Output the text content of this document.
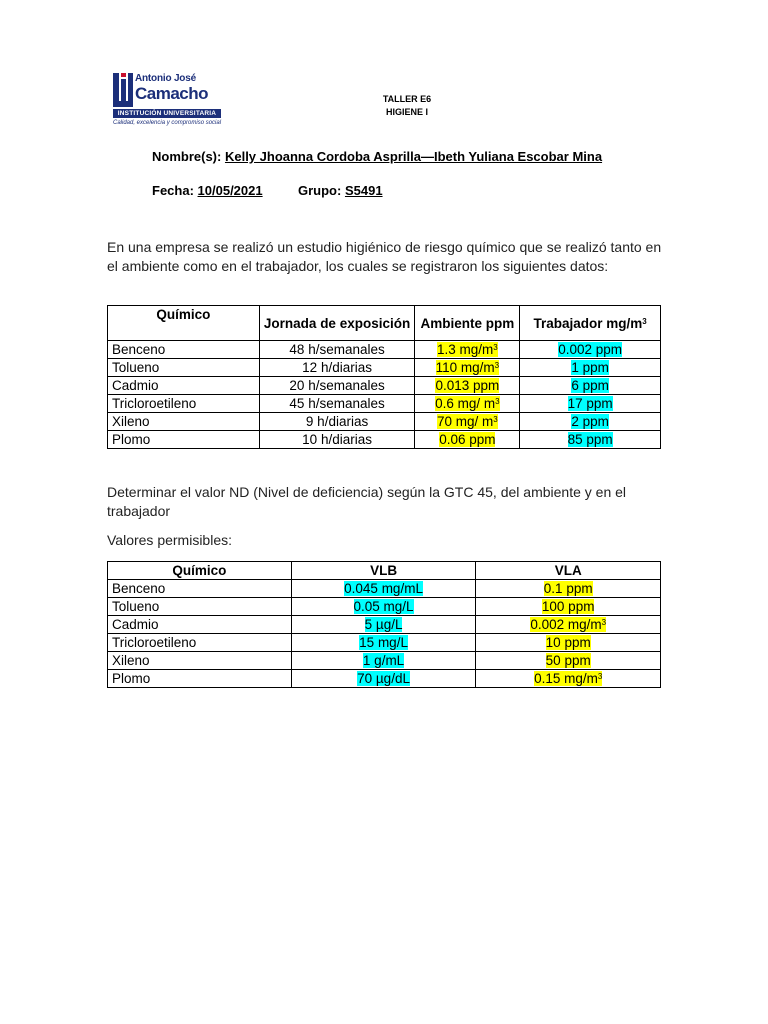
Antonio José
Camacho
INSTITUCIÓN UNIVERSITARIA
Calidad, excelencia y compromiso social
TALLER E6
HIGIENE I
Nombre(s): Kelly Jhoanna Cordoba Asprilla—Ibeth Yuliana Escobar Mina
Fecha: 10/05/2021	Grupo: S5491
En una empresa se realizó un estudio higiénico de riesgo químico que se realizó tanto en el ambiente como en el trabajador, los cuales se registraron los siguientes datos:
Químico	Jornada de exposición	Ambiente ppm	Trabajador $mg/m^3$
Benceno	48 h/semanales	1.3 $mg/m^3$	0.002 ppm
Tolueno	12 h/diarias	110 $mg/m^3$	1 ppm
Cadmio	20 h/semanales	0.013 ppm	6 ppm
Tricloroetileno	45 h/semanales	0.6 mg/ $m^3$	17 ppm
Xileno	9 h/diarias	70 mg/ $m^3$	2 ppm
Plomo	10 h/diarias	0.06 ppm	85 ppm
Determinar el valor ND (Nivel de deficiencia) según la GTC 45, del ambiente y en el trabajador
Valores permisibles:
Químico	VLB	VLA
Benceno	0.045 mg/mL	0.1 ppm
Tolueno	0.05 mg/L	100 ppm
Cadmio	5 µg/L	0.002 $mg/m^3$
Tricloroetileno	15 mg/L	10 ppm
Xileno	1 g/mL	50 ppm
Plomo	70 µg/dL	0.15 $mg/m^3$
